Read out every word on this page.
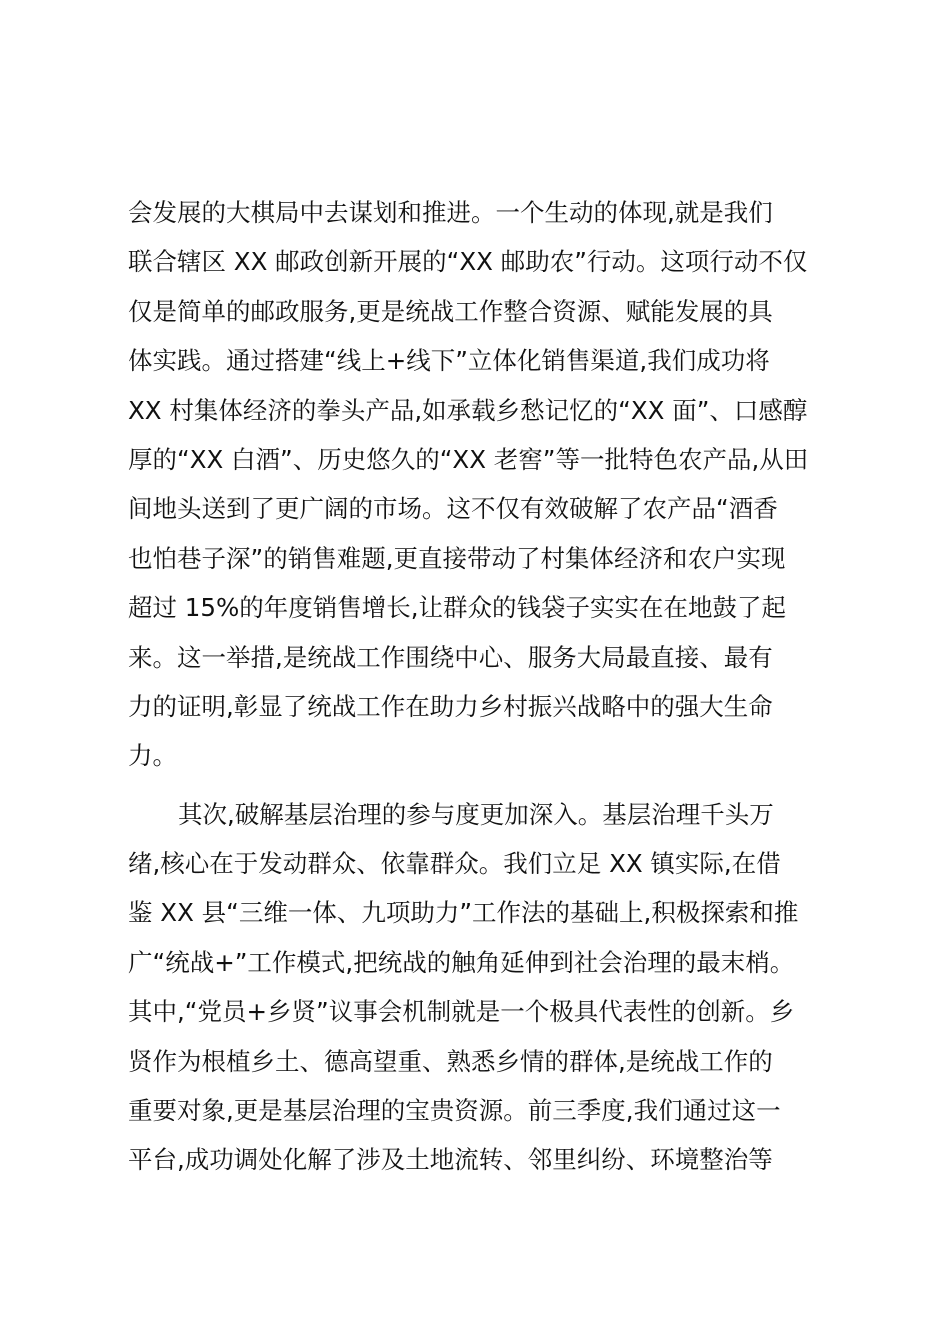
会发展的大棋局中去谋划和推进。一个生动的体现,就是我们
联合辖区 XX 邮政创新开展的“XX 邮助农”行动。这项行动不仅
仅是简单的邮政服务,更是统战工作整合资源、赋能发展的具
体实践。通过搭建“线上+线下”立体化销售渠道,我们成功将
XX 村集体经济的拳头产品,如承载乡愁记忆的“XX 面”、口感醇
厚的“XX 白酒”、历史悠久的“XX 老窖”等一批特色农产品,从田
间地头送到了更广阔的市场。这不仅有效破解了农产品“酒香
也怕巷子深”的销售难题,更直接带动了村集体经济和农户实现
超过 15%的年度销售增长,让群众的钱袋子实实在在地鼓了起
来。这一举措,是统战工作围绕中心、服务大局最直接、最有
力的证明,彰显了统战工作在助力乡村振兴战略中的强大生命
力。
其次,破解基层治理的参与度更加深入。基层治理千头万
绪,核心在于发动群众、依靠群众。我们立足 XX 镇实际,在借
鉴 XX 县“三维一体、九项助力”工作法的基础上,积极探索和推
广“统战+”工作模式,把统战的触角延伸到社会治理的最末梢。
其中,“党员+乡贤”议事会机制就是一个极具代表性的创新。乡
贤作为根植乡土、德高望重、熟悉乡情的群体,是统战工作的
重要对象,更是基层治理的宝贵资源。前三季度,我们通过这一
平台,成功调处化解了涉及土地流转、邻里纠纷、环境整治等
